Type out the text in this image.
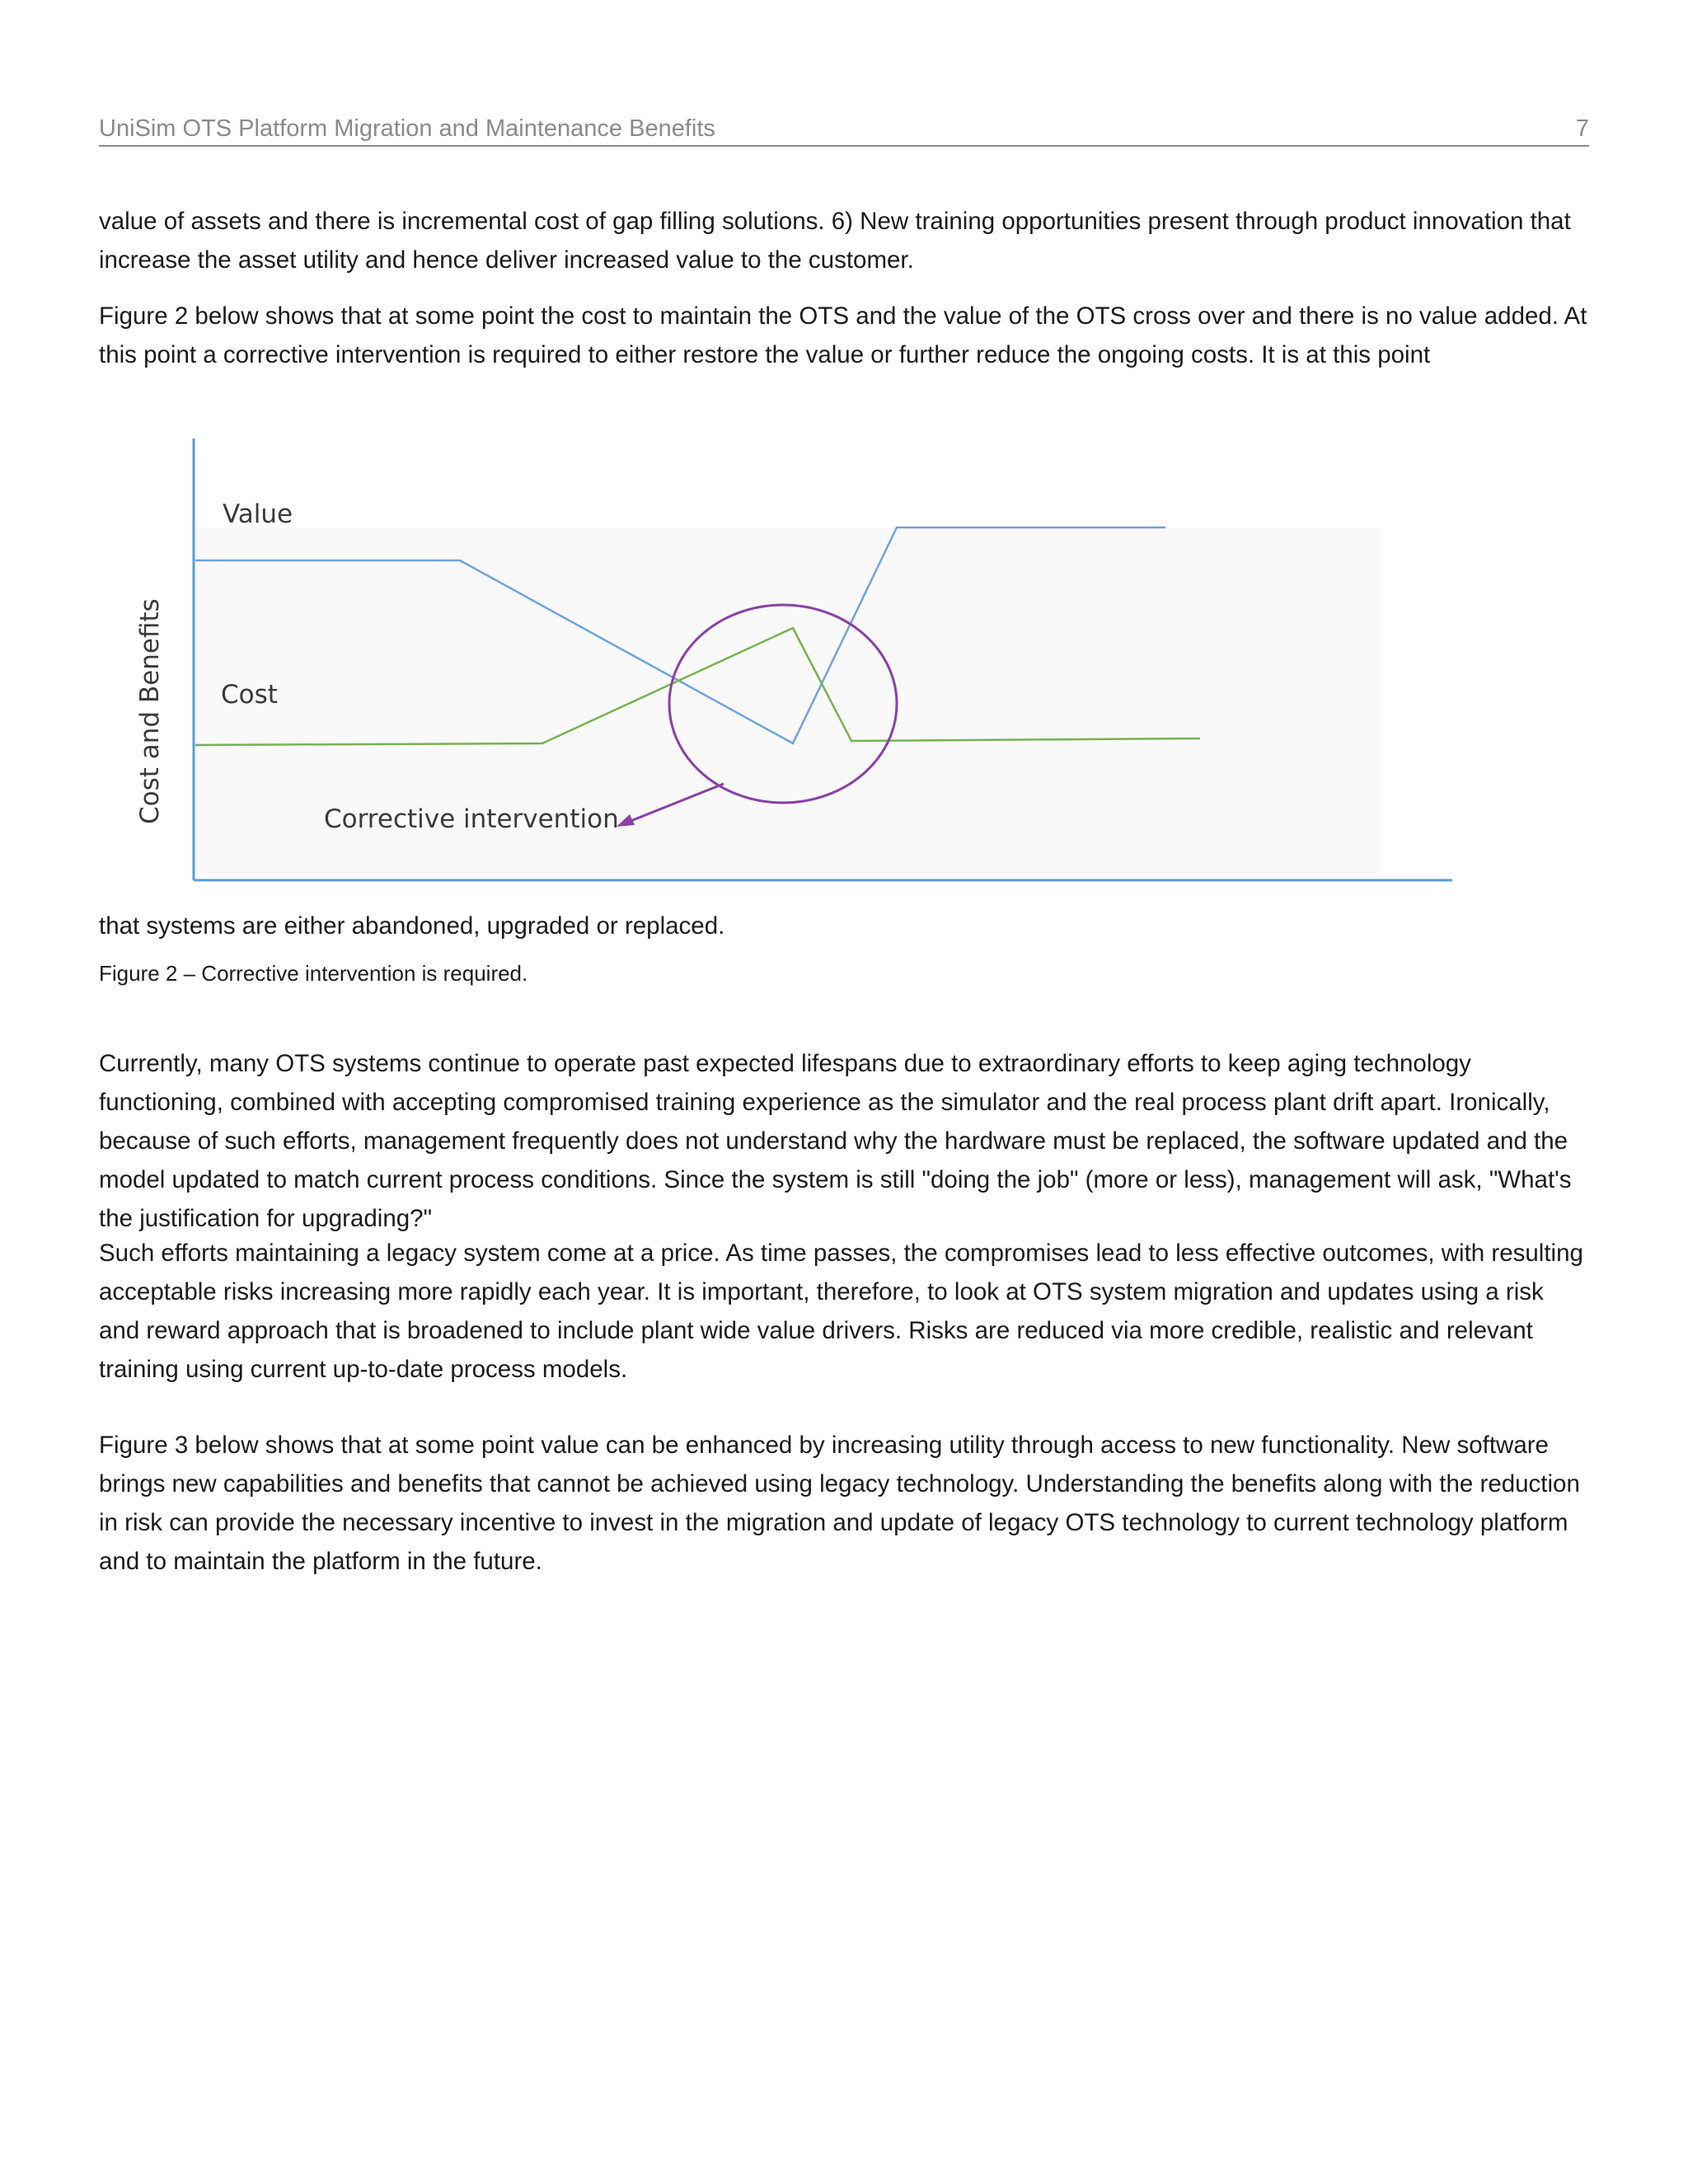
UniSim OTS Platform Migration and Maintenance Benefits	7

value of assets and there is incremental cost of gap filling solutions. 6) New training opportunities present through product innovation that increase the asset utility and hence deliver increased value to the customer.

Figure 2 below shows that at some point the cost to maintain the OTS and the value of the OTS cross over and there is no value added. At this point a corrective intervention is required to either restore the value or further reduce the ongoing costs. It is at this point

Value
Cost
Corrective intervention
Cost and Benefits

that systems are either abandoned, upgraded or replaced.

Figure 2 – Corrective intervention is required.

Currently, many OTS systems continue to operate past expected lifespans due to extraordinary efforts to keep aging technology functioning, combined with accepting compromised training experience as the simulator and the real process plant drift apart. Ironically, because of such efforts, management frequently does not understand why the hardware must be replaced, the software updated and the model updated to match current process conditions. Since the system is still "doing the job" (more or less), management will ask, "What's the justification for upgrading?"

Such efforts maintaining a legacy system come at a price. As time passes, the compromises lead to less effective outcomes, with resulting acceptable risks increasing more rapidly each year. It is important, therefore, to look at OTS system migration and updates using a risk and reward approach that is broadened to include plant wide value drivers. Risks are reduced via more credible, realistic and relevant training using current up-to-date process models.

Figure 3 below shows that at some point value can be enhanced by increasing utility through access to new functionality. New software brings new capabilities and benefits that cannot be achieved using legacy technology. Understanding the benefits along with the reduction in risk can provide the necessary incentive to invest in the migration and update of legacy OTS technology to current technology platform and to maintain the platform in the future.
